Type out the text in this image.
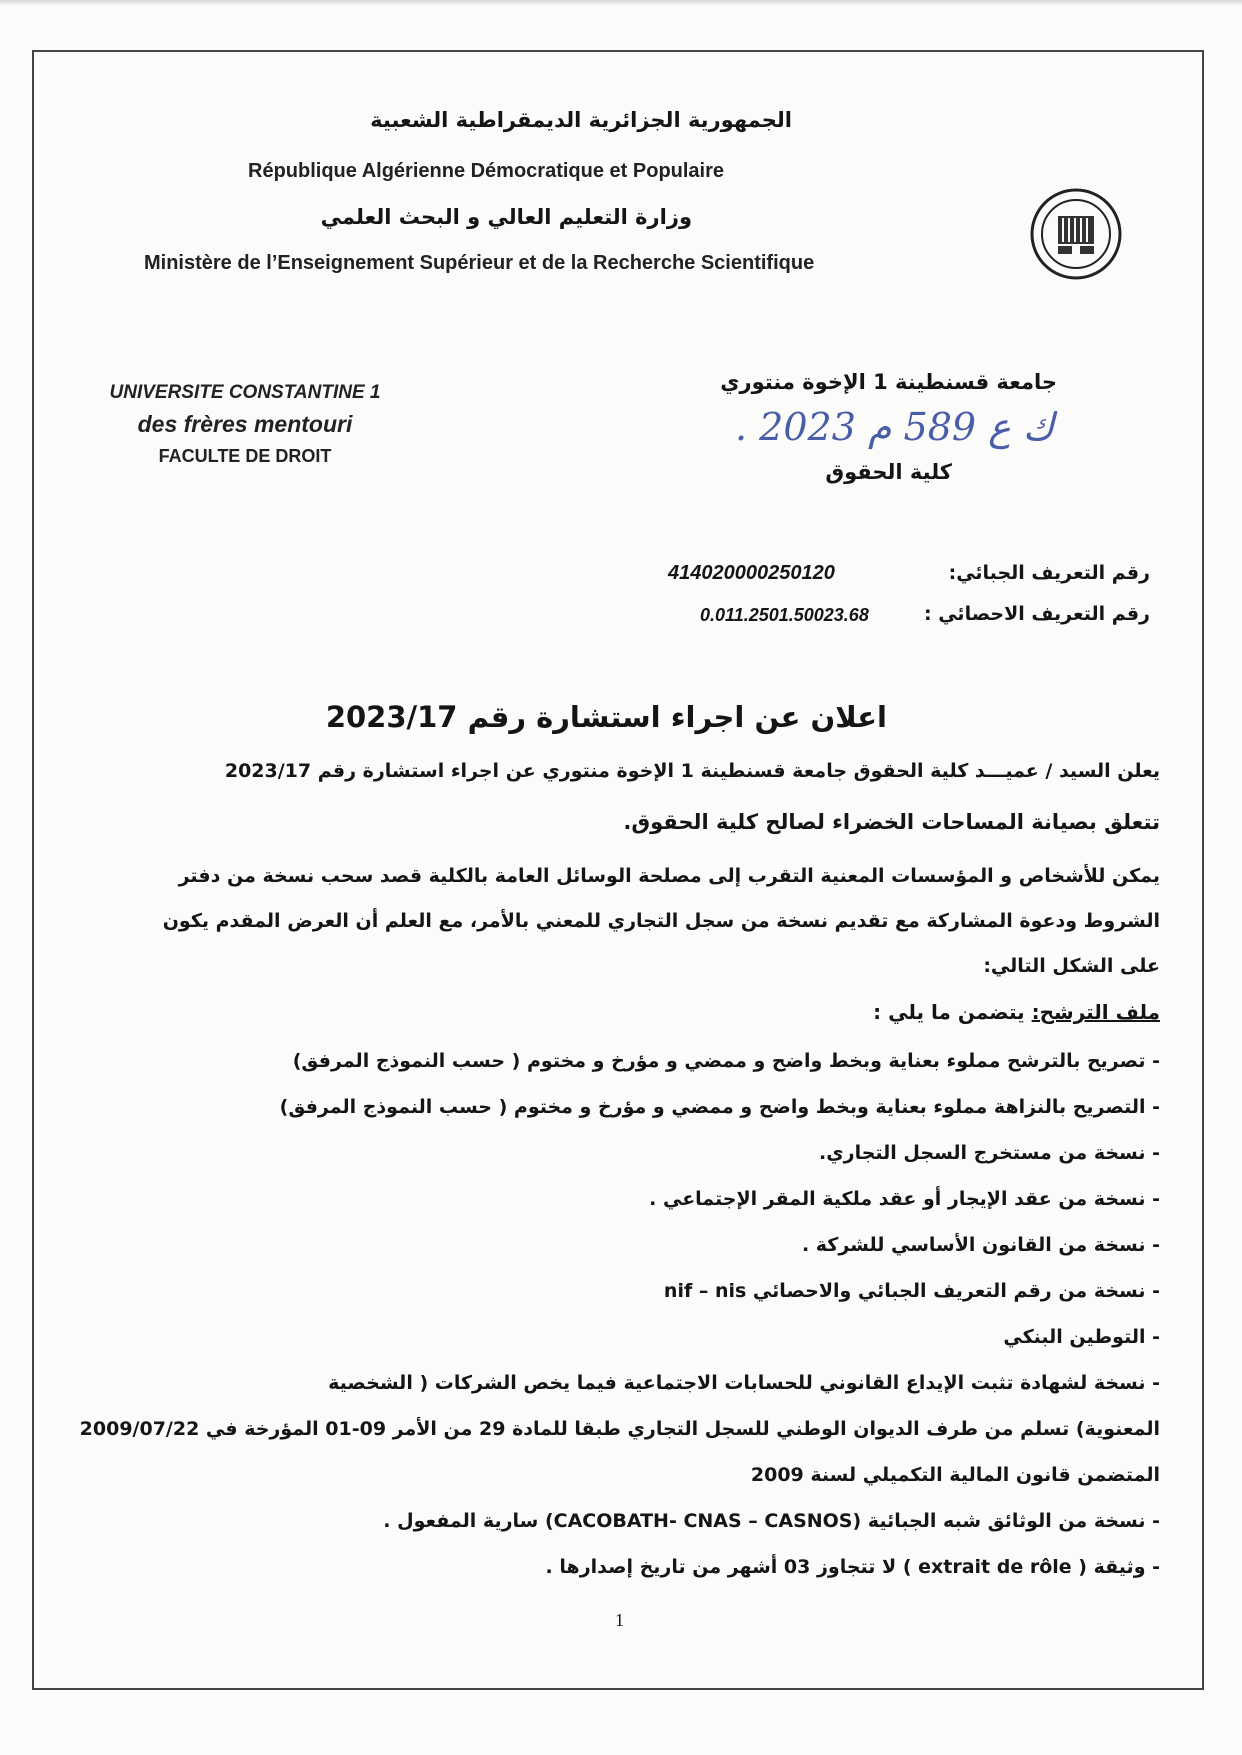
الجمهورية الجزائرية الديمقراطية الشعبية
République Algérienne Démocratique et Populaire
وزارة التعليم العالي و البحث العلمي
Ministère de l’Enseignement Supérieur et de la Recherche Scientifique
UNIVERSITE CONSTANTINE 1
des frères mentouri
FACULTE DE DROIT
جامعة قسنطينة 1 الإخوة منتوري
. 2023 ك ع 589 م
كلية الحقوق
رقم التعريف الجبائي:
414020000250120
رقم التعريف الاحصائي :
0.011.2501.50023.68
اعلان عن اجراء استشارة رقم 2023/17
يعلن السيد / عميـــد كلية الحقوق جامعة قسنطينة 1 الإخوة منتوري عن اجراء استشارة رقم 2023/17
تتعلق بصيانة المساحات الخضراء لصالح كلية الحقوق.
يمكن للأشخاص و المؤسسات المعنية التقرب إلى مصلحة الوسائل العامة بالكلية قصد سحب نسخة من دفتر
الشروط ودعوة المشاركة مع تقديم نسخة من سجل التجاري للمعني بالأمر، مع العلم أن العرض المقدم يكون
على الشكل التالي:
ملف الترشح: يتضمن ما يلي :
- تصريح بالترشح مملوء بعناية وبخط واضح و ممضي و مؤرخ و مختوم ( حسب النموذج المرفق)
- التصريح بالنزاهة مملوء بعناية وبخط واضح و ممضي و مؤرخ و مختوم ( حسب النموذج المرفق)
- نسخة من مستخرج السجل التجاري.
- نسخة من عقد الإيجار أو عقد ملكية المقر الإجتماعي .
- نسخة من القانون الأساسي للشركة .
- نسخة من رقم التعريف الجبائي والاحصائي nif – nis
- التوطين البنكي
- نسخة لشهادة تثبت الإيداع القانوني للحسابات الاجتماعية فيما يخص الشركات ( الشخصية
المعنوية) تسلم من طرف الديوان الوطني للسجل التجاري طبقا للمادة 29 من الأمر 09-01 المؤرخة في 2009/07/22
المتضمن قانون المالية التكميلي لسنة 2009
- نسخة من الوثائق شبه الجبائية (CACOBATH- CNAS – CASNOS) سارية المفعول .
- وثيقة ( extrait de rôle ) لا تتجاوز 03 أشهر من تاريخ إصدارها .
1
